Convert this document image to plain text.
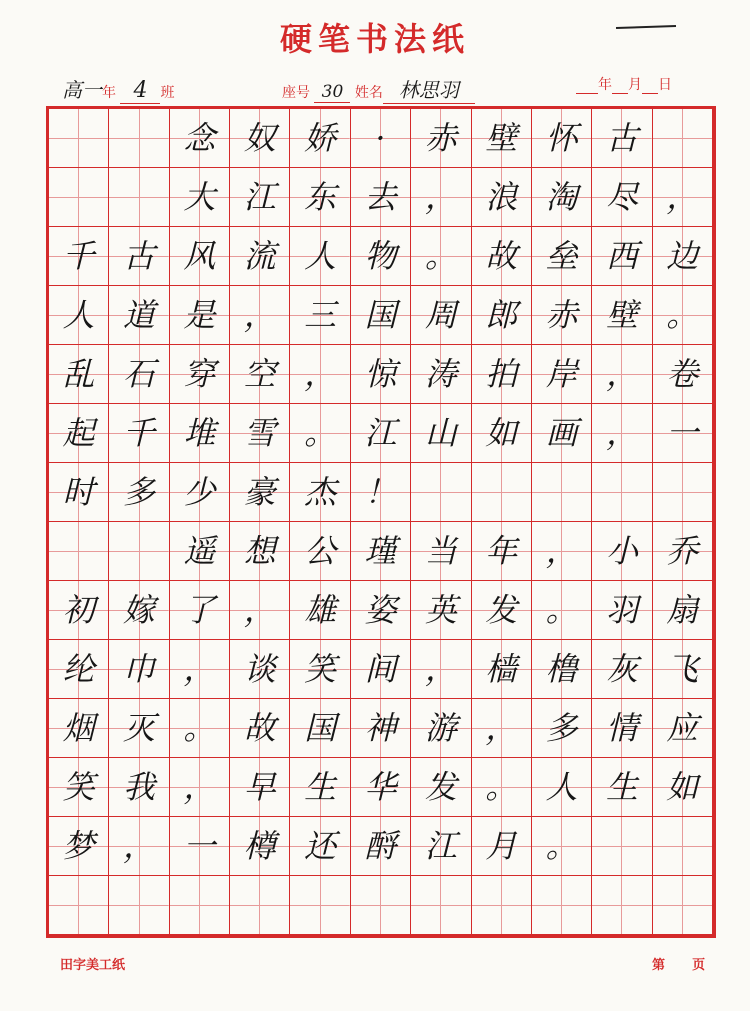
硬笔书法纸
高一年 4 班	座号 30 姓名 林思羽	年 月 日
念 奴 娇 · 赤 壁 怀 古
大 江 东 去 ， 浪 淘 尽 ，
千 古 风 流 人 物 。 故 垒 西 边
人 道 是 ， 三 国 周 郎 赤 壁 。
乱 石 穿 空 ， 惊 涛 拍 岸 ， 卷
起 千 堆 雪 。 江 山 如 画 ， 一
时 多 少 豪 杰 ！
遥 想 公 瑾 当 年 ， 小 乔
初 嫁 了 ， 雄 姿 英 发 。 羽 扇
纶 巾 ， 谈 笑 间 ， 樯 橹 灰 飞
烟 灭 。 故 国 神 游 ， 多 情 应
笑 我 ， 早 生 华 发 。 人 生 如
梦 ， 一 樽 还 酹 江 月 。
田字美工纸	第 页
